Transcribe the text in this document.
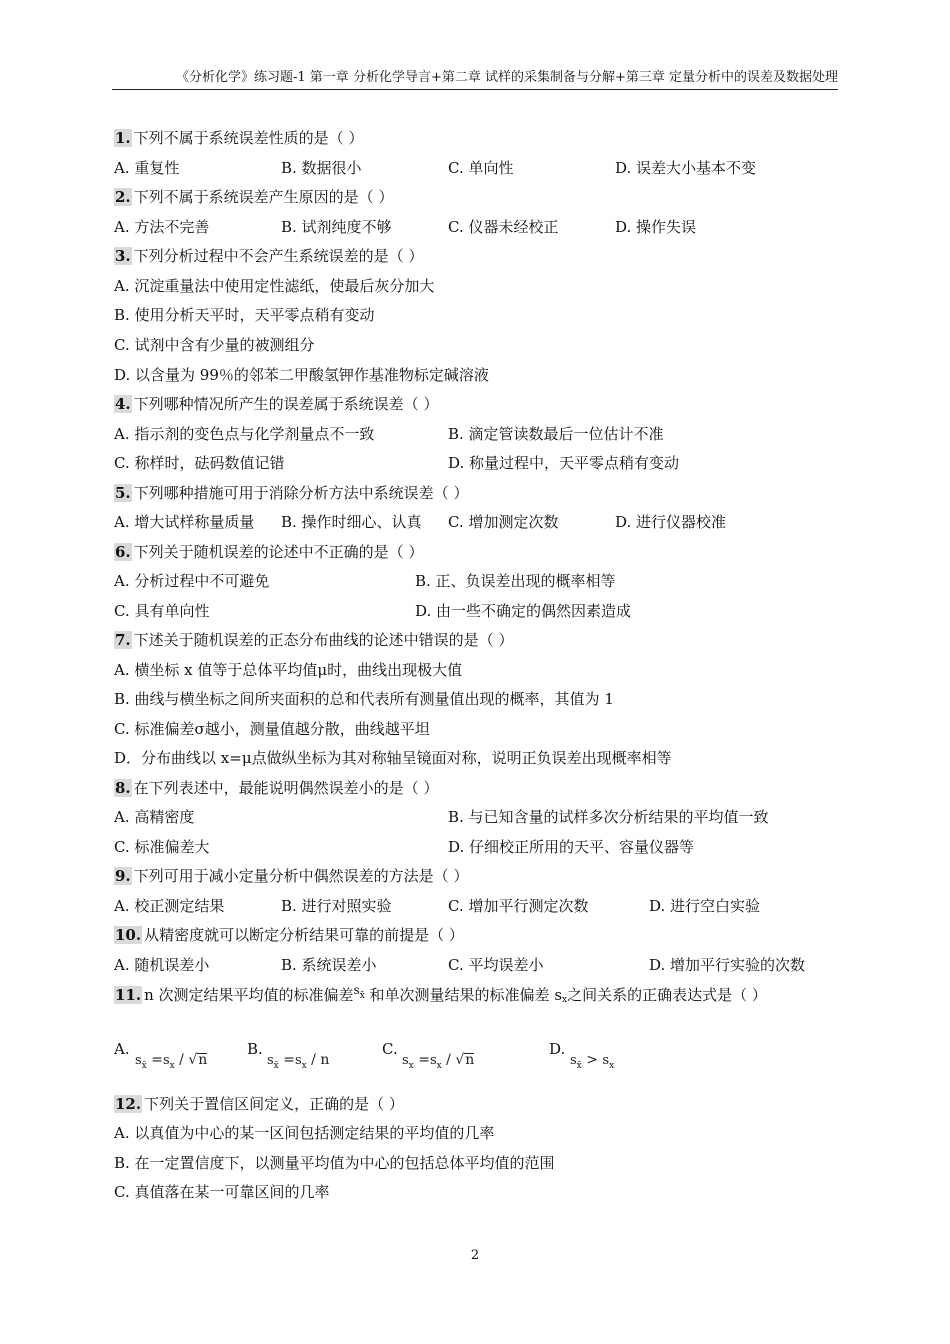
《分析化学》练习题-1 第一章 分析化学导言+第二章 试样的采集制备与分解+第三章 定量分析中的误差及数据处理
1. 下列不属于系统误差性质的是（ ）
A. 重复性	B. 数据很小	C. 单向性	D. 误差大小基本不变
2. 下列不属于系统误差产生原因的是（ ）
A. 方法不完善	B. 试剂纯度不够	C. 仪器未经校正	D. 操作失误
3. 下列分析过程中不会产生系统误差的是（ ）
A. 沉淀重量法中使用定性滤纸，使最后灰分加大
B. 使用分析天平时，天平零点稍有变动
C. 试剂中含有少量的被测组分
D. 以含量为 99％的邻苯二甲酸氢钾作基准物标定碱溶液
4. 下列哪种情况所产生的误差属于系统误差（ ）
A. 指示剂的变色点与化学剂量点不一致	B. 滴定管读数最后一位估计不准
C. 称样时，砝码数值记错	D. 称量过程中，天平零点稍有变动
5. 下列哪种措施可用于消除分析方法中系统误差（ ）
A. 增大试样称量质量 B. 操作时细心、认真 C. 增加测定次数	D. 进行仪器校准
6. 下列关于随机误差的论述中不正确的是（ ）
A. 分析过程中不可避免	B. 正、负误差出现的概率相等
C. 具有单向性	D. 由一些不确定的偶然因素造成
7. 下述关于随机误差的正态分布曲线的论述中错误的是（ ）
A. 横坐标 x 值等于总体平均值μ时，曲线出现极大值
B. 曲线与横坐标之间所夹面积的总和代表所有测量值出现的概率，其值为 1
C. 标准偏差σ越小，测量值越分散，曲线越平坦
D．分布曲线以 x=μ点做纵坐标为其对称轴呈镜面对称，说明正负误差出现概率相等
8. 在下列表述中，最能说明偶然误差小的是（ ）
A. 高精密度	B. 与已知含量的试样多次分析结果的平均值一致
C. 标准偏差大	D. 仔细校正所用的天平、容量仪器等
9. 下列可用于减小定量分析中偶然误差的方法是（ ）
A. 校正测定结果	B. 进行对照实验	C. 增加平行测定次数	D. 进行空白实验
10. 从精密度就可以断定分析结果可靠的前提是（ ）
A. 随机误差小	B. 系统误差小	C. 平均误差小	D. 增加平行实验的次数
11. n 次测定结果平均值的标准偏差$s_{x̄}$ 和单次测量结果的标准偏差 $s_x$之间关系的正确表达式是（ ）
A.
$s_{x̄} =s_x / √n$
B.
$s_{x̄} =s_x / n$
C.
$s_x =s_x / √n$
D.
$s_{x̄} > s_x$
12. 下列关于置信区间定义，正确的是（ ）
A. 以真值为中心的某一区间包括测定结果的平均值的几率
B. 在一定置信度下，以测量平均值为中心的包括总体平均值的范围
C. 真值落在某一可靠区间的几率
2
